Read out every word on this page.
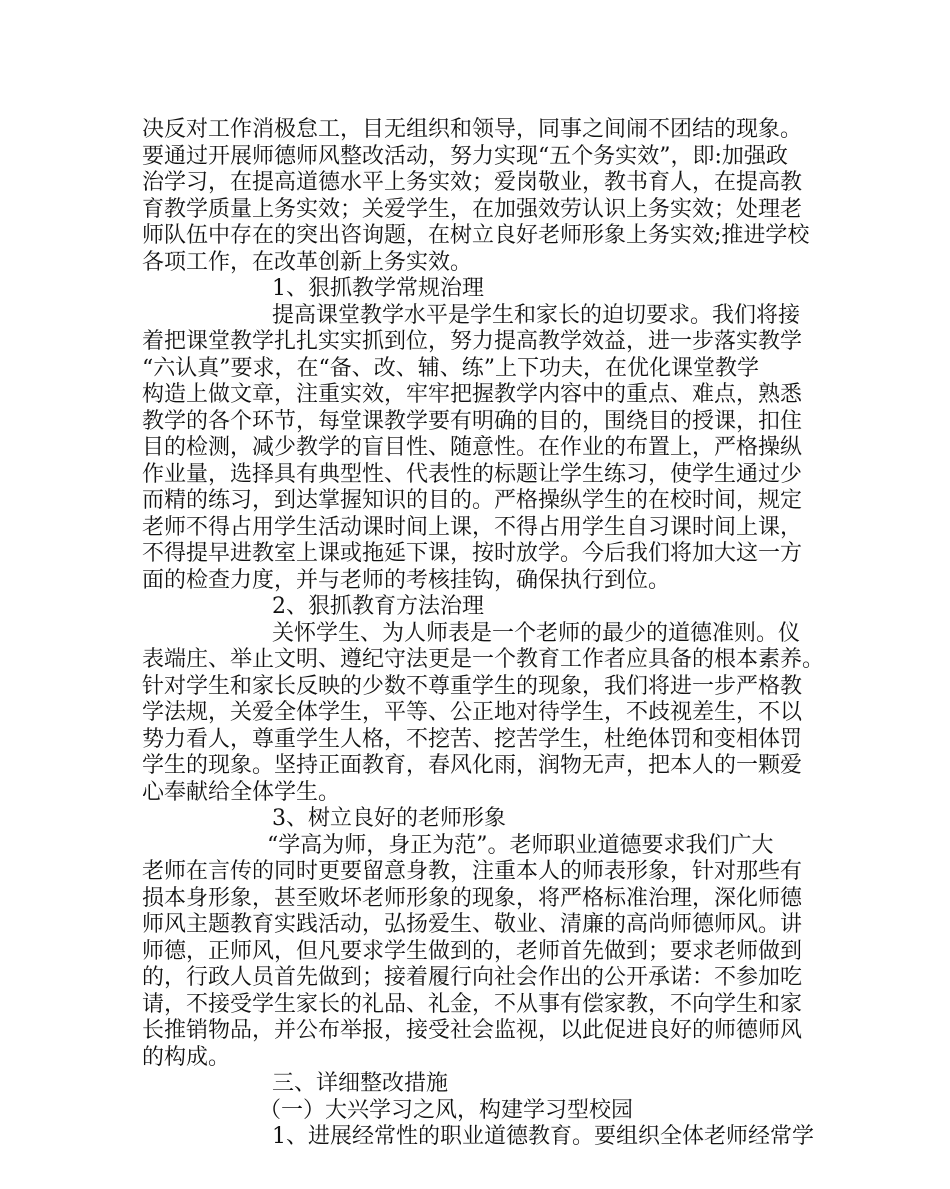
决反对工作消极怠工，目无组织和领导，同事之间闹不团结的现象。
要通过开展师德师风整改活动，努力实现“五个务实效”，即:加强政
治学习，在提高道德水平上务实效；爱岗敬业，教书育人，在提高教
育教学质量上务实效；关爱学生，在加强效劳认识上务实效；处理老
师队伍中存在的突出咨询题，在树立良好老师形象上务实效;推进学校
各项工作，在改革创新上务实效。
1、狠抓教学常规治理
提高课堂教学水平是学生和家长的迫切要求。我们将接
着把课堂教学扎扎实实抓到位，努力提高教学效益，进一步落实教学
“六认真”要求，在“备、改、辅、练”上下功夫，在优化课堂教学
构造上做文章，注重实效，牢牢把握教学内容中的重点、难点，熟悉
教学的各个环节，每堂课教学要有明确的目的，围绕目的授课，扣住
目的检测，减少教学的盲目性、随意性。在作业的布置上，严格操纵
作业量，选择具有典型性、代表性的标题让学生练习，使学生通过少
而精的练习，到达掌握知识的目的。严格操纵学生的在校时间，规定
老师不得占用学生活动课时间上课，不得占用学生自习课时间上课，
不得提早进教室上课或拖延下课，按时放学。今后我们将加大这一方
面的检查力度，并与老师的考核挂钩，确保执行到位。
2、狠抓教育方法治理
关怀学生、为人师表是一个老师的最少的道德准则。仪
表端庄、举止文明、遵纪守法更是一个教育工作者应具备的根本素养。
针对学生和家长反映的少数不尊重学生的现象，我们将进一步严格教
学法规，关爱全体学生，平等、公正地对待学生，不歧视差生，不以
势力看人，尊重学生人格，不挖苦、挖苦学生，杜绝体罚和变相体罚
学生的现象。坚持正面教育，春风化雨，润物无声，把本人的一颗爱
心奉献给全体学生。
3、树立良好的老师形象
“学高为师，身正为范”。老师职业道德要求我们广大
老师在言传的同时更要留意身教，注重本人的师表形象，针对那些有
损本身形象，甚至败坏老师形象的现象，将严格标准治理，深化师德
师风主题教育实践活动，弘扬爱生、敬业、清廉的高尚师德师风。讲
师德，正师风，但凡要求学生做到的，老师首先做到；要求老师做到
的，行政人员首先做到；接着履行向社会作出的公开承诺：不参加吃
请，不接受学生家长的礼品、礼金，不从事有偿家教，不向学生和家
长推销物品，并公布举报，接受社会监视，以此促进良好的师德师风
的构成。
三、详细整改措施
（一）大兴学习之风，构建学习型校园
1、进展经常性的职业道德教育。要组织全体老师经常学
